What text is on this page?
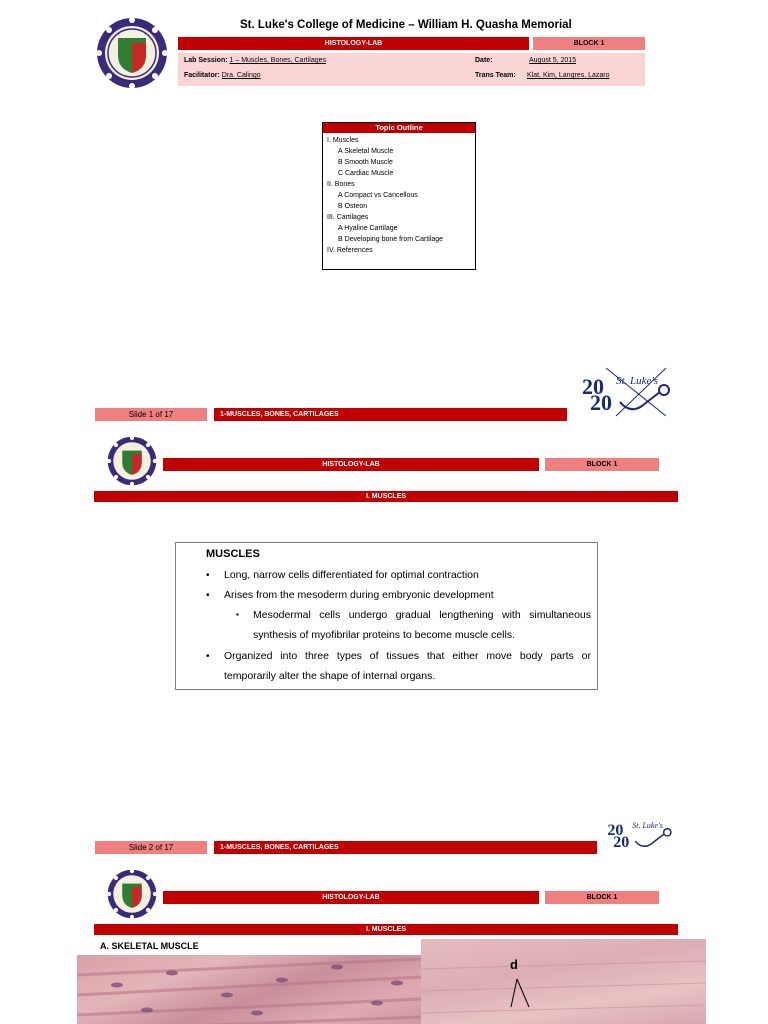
St. Luke's College of Medicine – William H. Quasha Memorial
HISTOLOGY-LAB	BLOCK 1
Lab Session: 1 – Muscles, Bones, Cartilages
Facilitator: Dra. Calingo
Date:	August 5, 2015
Trans Team: Klat, Kim, Langres, Lazaro
Topic Outline
I. Muscles
A Skeletal Muscle
B Smooth Muscle
C Cardiac Muscle
II. Bones
A Compact vs Cancellous
B Osteon
III. Cartilages
A Hyaline Cartilage
B Developing bone from Cartilage
IV. References
20
20
St. Luke's
Slide 1 of 17	1-MUSCLES, BONES, CARTILAGES
HISTOLOGY-LAB	BLOCK 1
I. MUSCLES
MUSCLES
• Long, narrow cells differentiated for optimal contraction
• Arises from the mesoderm during embryonic development
▪ Mesodermal cells undergo gradual lengthening with simultaneous
synthesis of myofibrilar proteins to become muscle cells.
• Organized into three types of tissues that either move body parts or
temporarily alter the shape of internal organs.
20
20
St. Luke's
Slide 2 of 17	1-MUSCLES, BONES, CARTILAGES
HISTOLOGY-LAB	BLOCK 1
I. MUSCLES
A. SKELETAL MUSCLE
d
